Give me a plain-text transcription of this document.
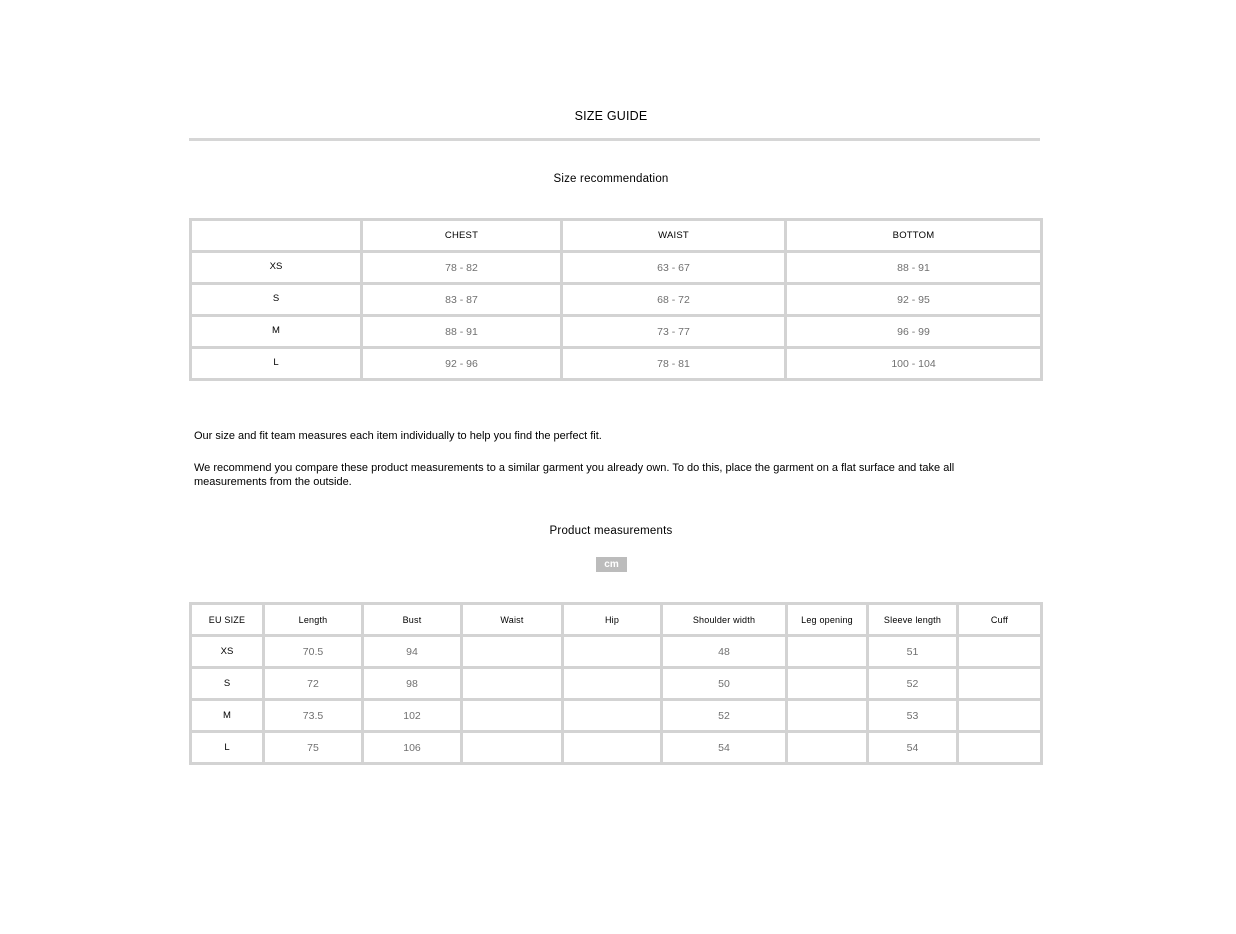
SIZE GUIDE
Size recommendation
	CHEST	WAIST	BOTTOM
XS	78 - 82	63 - 67	88 - 91
S	83 - 87	68 - 72	92 - 95
M	88 - 91	73 - 77	96 - 99
L	92 - 96	78 - 81	100 - 104
Our size and fit team measures each item individually to help you find the perfect fit.
We recommend you compare these product measurements to a similar garment you already own. To do this, place the garment on a flat surface and take all measurements from the outside.
Product measurements
cm
EU SIZE	Length	Bust	Waist	Hip	Shoulder width	Leg opening	Sleeve length	Cuff
XS	70.5	94			48		51	
S	72	98			50		52	
M	73.5	102			52		53	
L	75	106			54		54	
